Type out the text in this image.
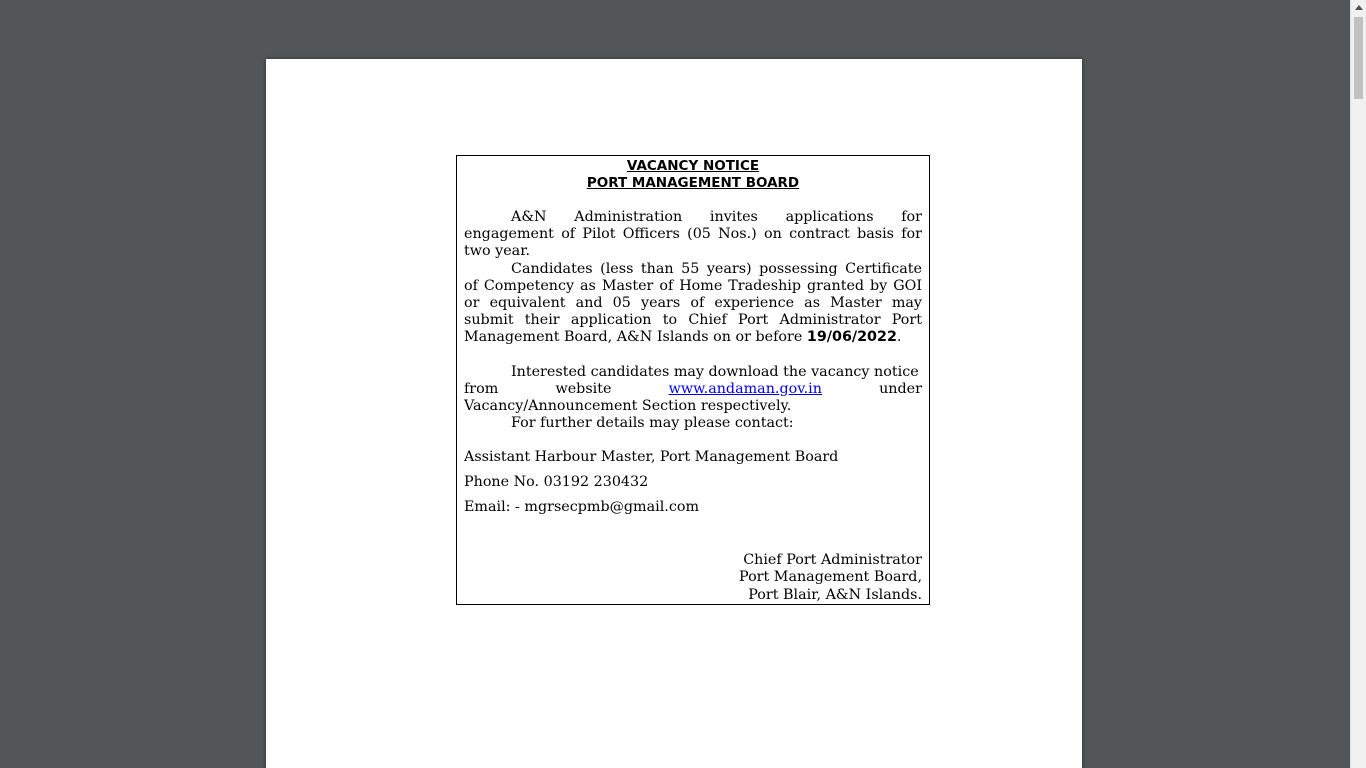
VACANCY NOTICE

PORT MANAGEMENT BOARD

A&N Administration invites applications for engagement of Pilot Officers (05 Nos.) on contract basis for two year.

Candidates (less than 55 years) possessing Certificate of Competency as Master of Home Tradeship granted by GOI or equivalent and 05 years of experience as Master may submit their application to Chief Port Administrator Port Management Board, A&N Islands on or before 19/06/2022.

Interested candidates may download the vacancy notice

from	website	www.andaman.gov.in	under
Vacancy/Announcement Section respectively.

For further details may please contact:

Assistant Harbour Master, Port Management Board

Phone No. 03192 230432

Email: - mgrsecpmb@gmail.com

Chief Port Administrator
Port Management Board,
Port Blair, A&N Islands.
